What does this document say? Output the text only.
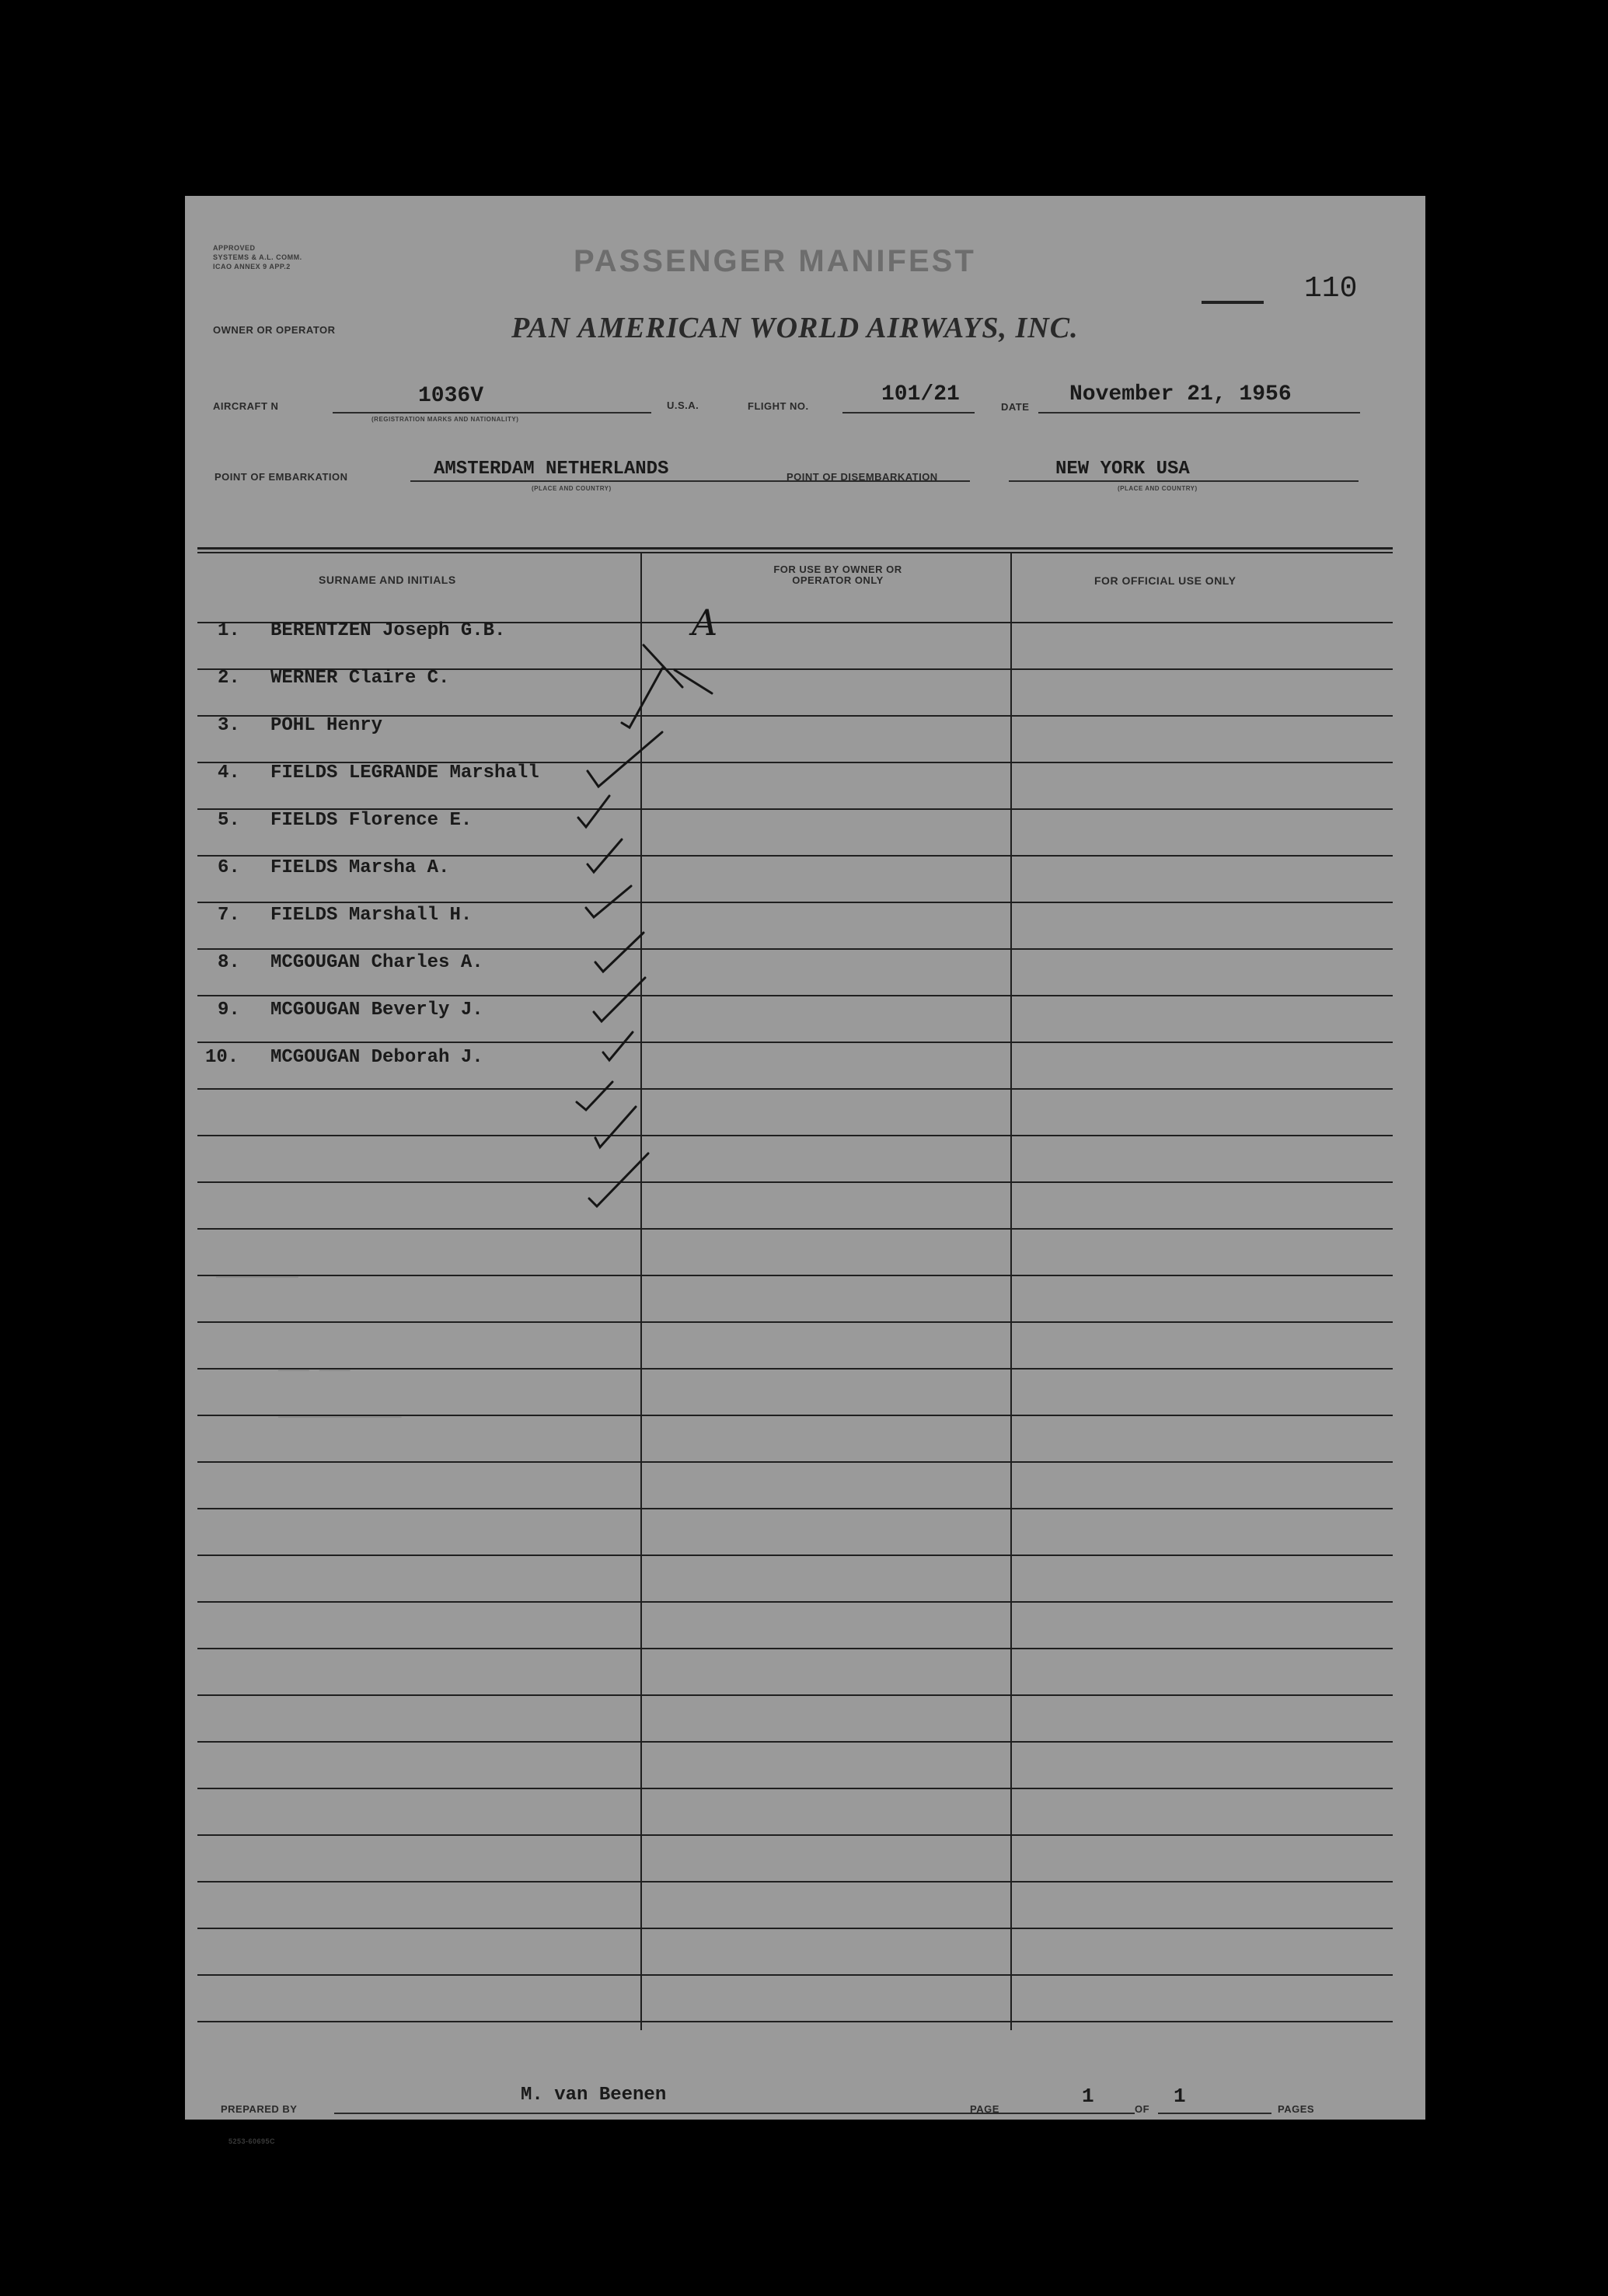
APPROVED
SYSTEMS & A.L. COMM.
ICAO ANNEX 9 APP.2	PASSENGER MANIFEST
110
OWNER OR OPERATOR	PAN AMERICAN WORLD AIRWAYS, INC.
AIRCRAFT N	1036V
(REGISTRATION MARKS AND NATIONALITY)
U.S.A.	FLIGHT NO.	101/21
DATE
November 21, 1956
POINT OF EMBARKATION	AMSTERDAM NETHERLANDS
(PLACE AND COUNTRY)
POINT OF DISEMBARKATION	NEW YORK USA
(PLACE AND COUNTRY)
SURNAME AND INITIALS
FOR USE BY OWNER OR OPERATOR ONLY	FOR OFFICIAL USE ONLY
1. BERENTZEN Joseph G.B.
2. WERNER Claire C.
3. POHL Henry
4. FIELDS LEGRANDE Marshall
5. FIELDS Florence E.
6. FIELDS Marsha A.
7. FIELDS Marshall H.
8. MCGOUGAN Charles A.
9. MCGOUGAN Beverly J.
10. MCGOUGAN Deborah J.
A
────────
─── ───
────────────
PREPARED BY
M. van Beenen
PAGE
1
OF
1
PAGES
5253-60695C
